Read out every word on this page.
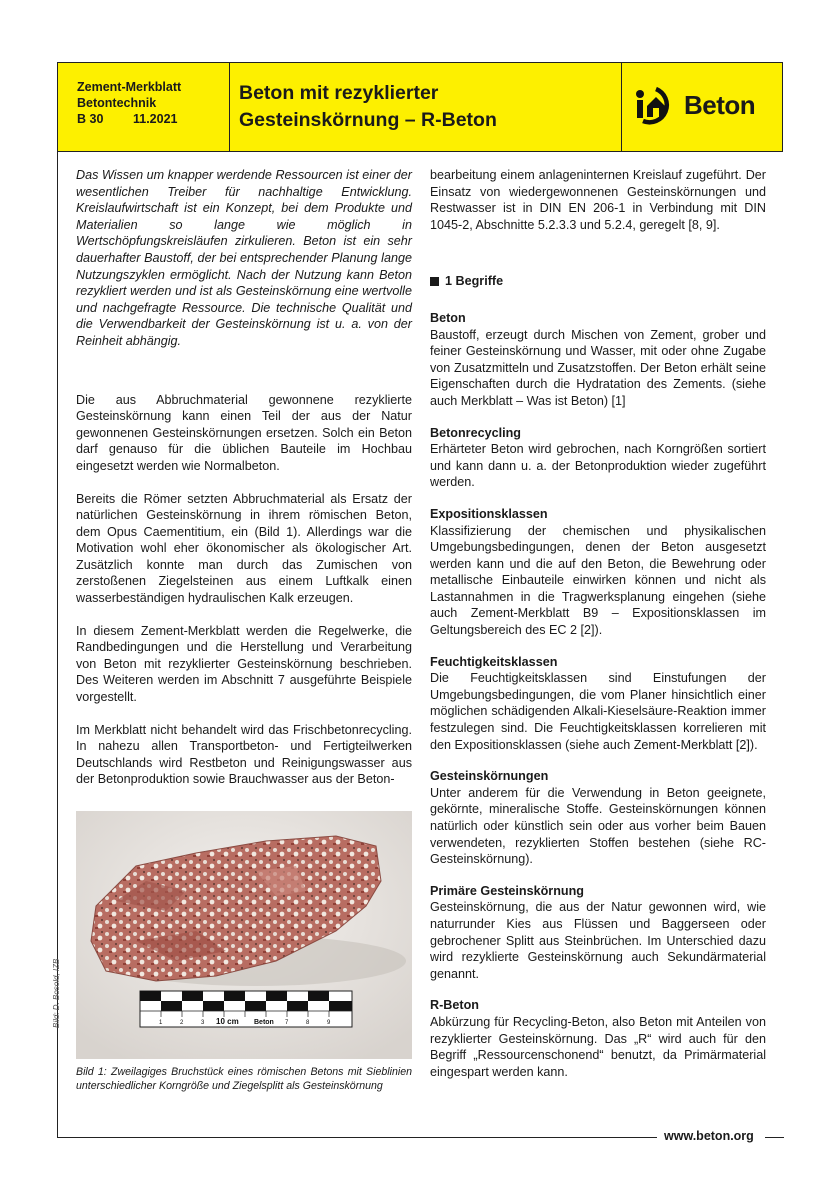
Zement-Merkblatt
Betontechnik
B 30 11.2021
Beton mit rezyklierter
Gesteinskörnung – R-Beton	Beton

Das Wissen um knapper werdende Ressourcen ist einer der wesentlichen Treiber für nachhaltige Entwicklung. Kreislaufwirtschaft ist ein Konzept, bei dem Produkte und Materialien so lange wie möglich in Wertschöpfungskreisläufen zirkulieren. Beton ist ein sehr dauerhafter Baustoff, der bei entsprechender Planung lange Nutzungszyklen ermöglicht. Nach der Nutzung kann Beton rezykliert werden und ist als Gesteinskörnung eine wertvolle und nachgefragte Ressource. Die technische Qualität und die Verwendbarkeit der Gesteinskörnung ist u. a. von der Reinheit abhängig.

Die aus Abbruchmaterial gewonnene rezyklierte Gesteinskörnung kann einen Teil der aus der Natur gewonnenen Gesteinskörnungen ersetzen. Solch ein Beton darf genauso für die üblichen Bauteile im Hochbau eingesetzt werden wie Normalbeton.

Bereits die Römer setzten Abbruchmaterial als Ersatz der natürlichen Gesteinskörnung in ihrem römischen Beton, dem Opus Caementitium, ein (Bild 1). Allerdings war die Motivation wohl eher ökonomischer als ökologischer Art. Zusätzlich konnte man durch das Zumischen von zerstoßenen Ziegelsteinen aus einem Luftkalk einen wasserbeständigen hydraulischen Kalk erzeugen.

In diesem Zement-Merkblatt werden die Regelwerke, die Randbedingungen und die Herstellung und Verarbeitung von Beton mit rezyklierter Gesteinskörnung beschrieben. Des Weiteren werden im Abschnitt 7 ausgeführte Beispiele vorgestellt.

Im Merkblatt nicht behandelt wird das Frischbetonrecycling. In nahezu allen Transportbeton- und Fertigteilwerken Deutschlands wird Restbeton und Reinigungswasser aus der Betonproduktion sowie Brauchwasser aus der Beton-

10 cm Beton
1	2	3	7	8	9
Bild: D. Bosold, IZB
Bild 1: Zweilagiges Bruchstück eines römischen Betons mit Sieblinien unterschiedlicher Korngröße und Ziegelsplitt als Gesteinskörnung

bearbeitung einem anlageninternen Kreislauf zugeführt. Der Einsatz von wiedergewonnenen Gesteinskörnungen und Restwasser ist in DIN EN 206-1 in Verbindung mit DIN 1045-2, Abschnitte 5.2.3.3 und 5.2.4, geregelt [8, 9].

1 Begriffe

Beton

Baustoff, erzeugt durch Mischen von Zement, grober und feiner Gesteinskörnung und Wasser, mit oder ohne Zugabe von Zusatzmitteln und Zusatzstoffen. Der Beton erhält seine Eigenschaften durch die Hydratation des Zements. (siehe auch Merkblatt – Was ist Beton) [1]

Betonrecycling

Erhärteter Beton wird gebrochen, nach Korngrößen sortiert und kann dann u. a. der Betonproduktion wieder zugeführt werden.

Expositionsklassen

Klassifizierung der chemischen und physikalischen Umgebungsbedingungen, denen der Beton ausgesetzt werden kann und die auf den Beton, die Bewehrung oder metallische Einbauteile einwirken können und nicht als Lastannahmen in die Tragwerksplanung eingehen (siehe auch Zement-Merkblatt B9 – Expositionsklassen im Geltungsbereich des EC 2 [2]).

Feuchtigkeitsklassen

Die Feuchtigkeitsklassen sind Einstufungen der Umgebungsbedingungen, die vom Planer hinsichtlich einer möglichen schädigenden Alkali-Kieselsäure-Reaktion immer festzulegen sind. Die Feuchtigkeitsklassen korrelieren mit den Expositionsklassen (siehe auch Zement-Merkblatt [2]).

Gesteinskörnungen

Unter anderem für die Verwendung in Beton geeignete, gekörnte, mineralische Stoffe. Gesteinskörnungen können natürlich oder künstlich sein oder aus vorher beim Bauen verwendeten, rezyklierten Stoffen bestehen (siehe RC-Gesteinskörnung).

Primäre Gesteinskörnung

Gesteinskörnung, die aus der Natur gewonnen wird, wie naturrunder Kies aus Flüssen und Baggerseen oder gebrochener Splitt aus Steinbrüchen. Im Unterschied dazu wird rezyklierte Gesteinskörnung auch Sekundärmaterial genannt.

R-Beton

Abkürzung für Recycling-Beton, also Beton mit Anteilen von rezyklierter Gesteinskörnung. Das „R“ wird auch für den Begriff „Ressourcenschonend“ benutzt, da Primärmaterial eingespart werden kann.

www.beton.org
